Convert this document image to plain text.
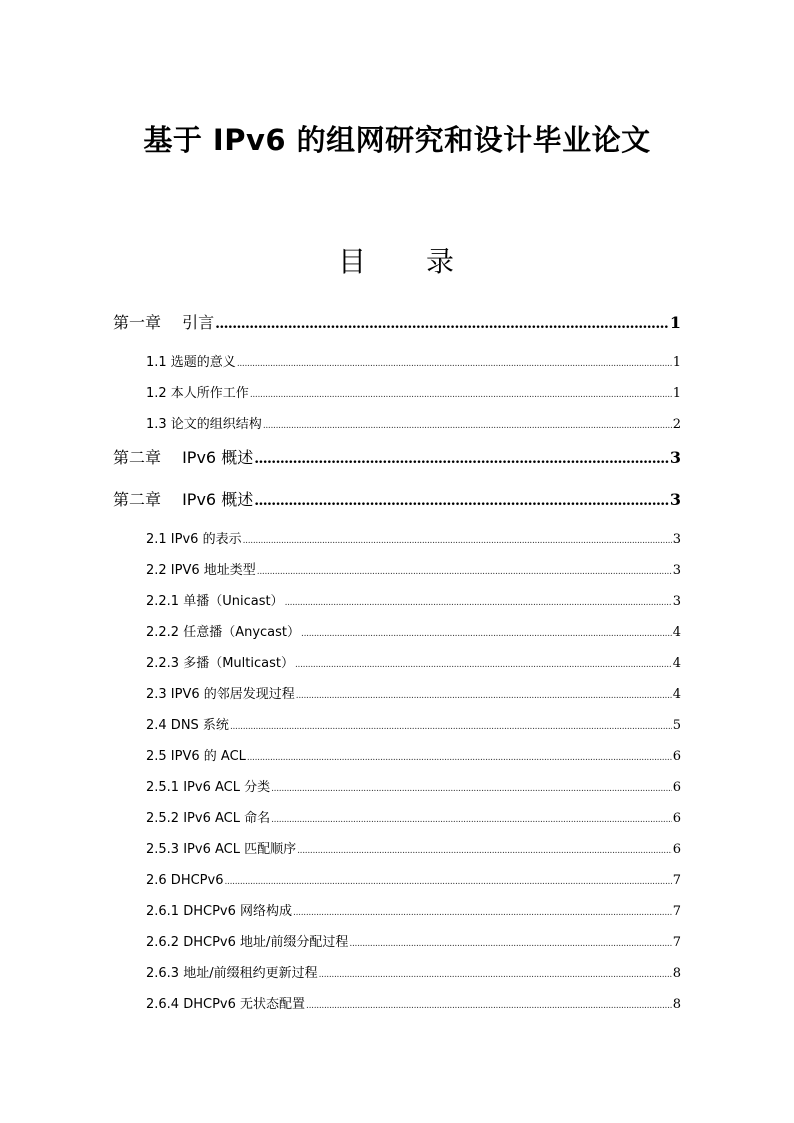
基于 IPv6 的组网研究和设计毕业论文
目 录
第一章　 引言 .....	1
1.1 选题的意义 .....	1
1.2 本人所作工作 .....	1
1.3 论文的组织结构 .....	2
第二章　 IPv6 概述 .....	3
第二章　 IPv6 概述 .....	3
2.1 IPv6 的表示 .....	3
2.2 IPV6 地址类型 .....	3
2.2.1 单播（Unicast） .....	3
2.2.2 任意播（Anycast） .....	4
2.2.3 多播（Multicast） .....	4
2.3 IPV6 的邻居发现过程 .....	4
2.4 DNS 系统 .....	5
2.5 IPV6 的 ACL .....	6
2.5.1 IPv6 ACL 分类 .....	6
2.5.2 IPv6 ACL 命名 .....	6
2.5.3 IPv6 ACL 匹配顺序 .....	6
2.6 DHCPv6 .....	7
2.6.1 DHCPv6 网络构成 .....	7
2.6.2 DHCPv6 地址/前缀分配过程 .....	7
2.6.3 地址/前缀租约更新过程 .....	8
2.6.4 DHCPv6 无状态配置 .....	8
